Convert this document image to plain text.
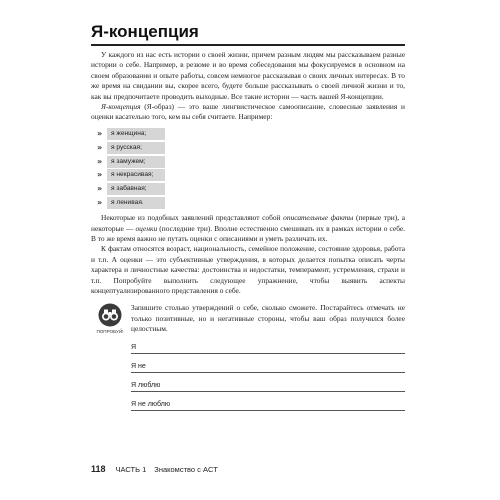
Я-концепция

У каждого из нас есть истории о своей жизни, причем разным людям мы рассказываем разные истории о себе. Например, в резюме и во время собеседования мы фокусируемся в основном на своем образовании и опыте работы, совсем немногое рассказывая о своих личных интересах. В то же время на свидании вы, скорее всего, будете больше рассказывать о своей личной жизни и то, как вы предпочитаете проводить выходные. Все такие истории — часть вашей Я-концепции.

Я-концепция (Я-образ) — это ваше лингвистическое самоописание, словесные заявления и оценки касательно того, кем вы себя считаете. Например:

»	я женщина;
»	я русская;
»	я замужем;
»	я некрасивая;
»	я забавная;
»	я ленивая.

Некоторые из подобных заявлений представляют собой описательные факты (первые три), а некоторые — оценки (последние три). Вполне естественно смешивать их в рамках истории о себе. В то же время важно не путать оценки с описаниями и уметь различать их.

К фактам относятся возраст, национальность, семейное положение, состояние здоровья, работа и т.п. А оценки — это субъективные утверждения, в которых делается попытка описать черты характера и личностные качества: достоинства и недостатки, темперамент, устремления, страхи и т.п. Попробуйте выполнить следующее упражнение, чтобы выявить аспекты концептуализированного представления о себе.

ПОПРОБУЙ!

Запишите столько утверждений о себе, сколько сможете. Постарайтесь отмечать не только позитивные, но и негативные стороны, чтобы ваш образ получился более целостным.

Я
Я не
Я люблю
Я не люблю
118 ЧАСТЬ 1 Знакомство с ACT
